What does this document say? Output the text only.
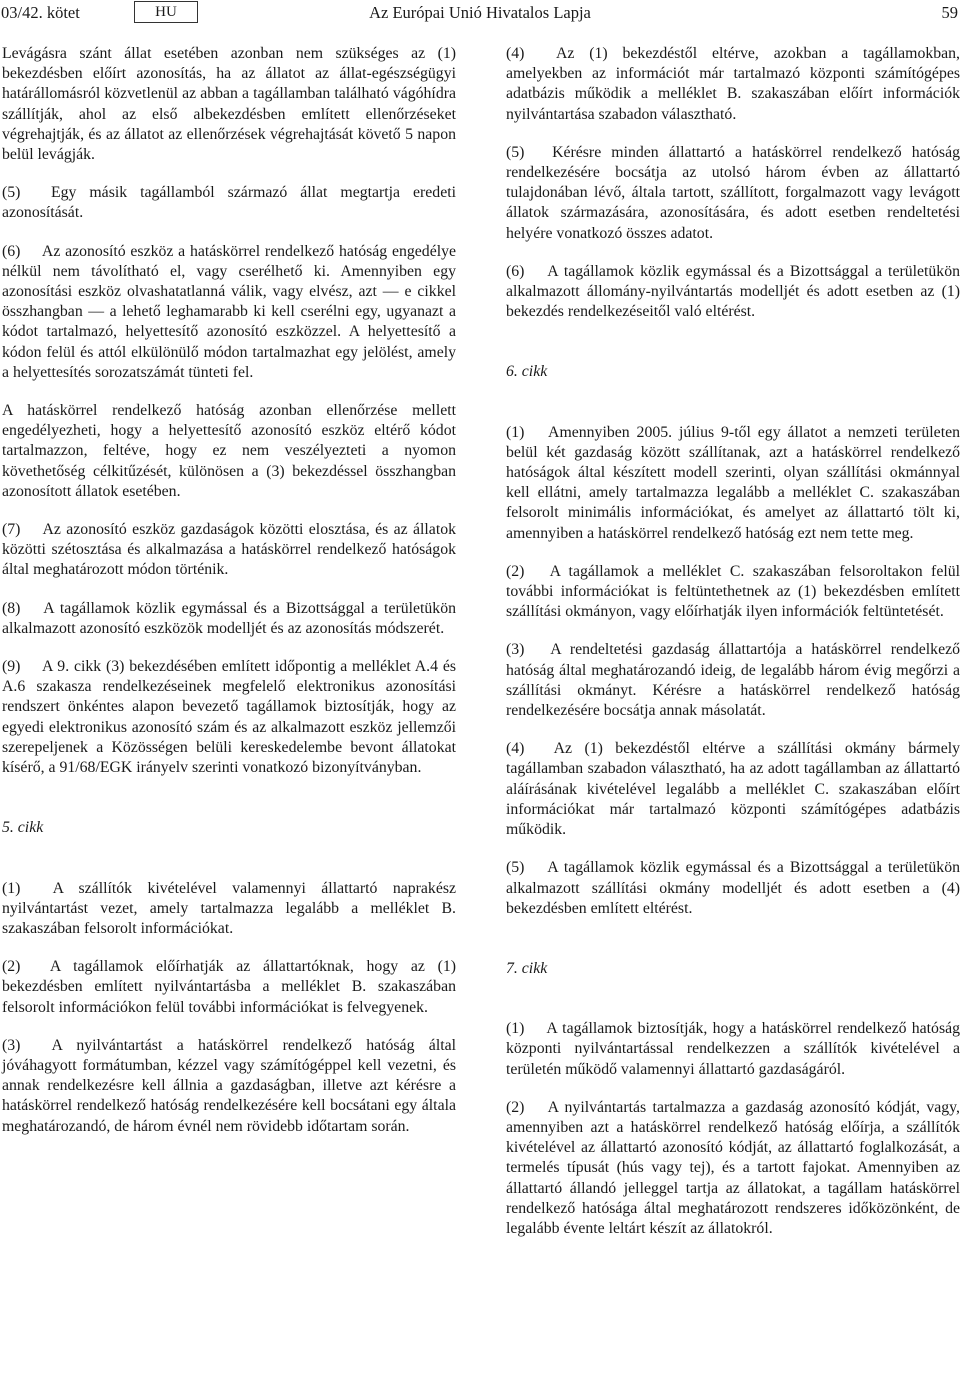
03/42. kötet	HU	Az Európai Unió Hivatalos Lapja	59

Levágásra szánt állat esetében azonban nem szükséges az (1) bekezdésben előírt azonosítás, ha az állatot az állat-egészségügyi határállomásról közvetlenül az abban a tagállamban található vágóhídra szállítják, ahol az első albekezdésben említett ellenőrzéseket végrehajtják, és az állatot az ellenőrzések végrehajtását követő 5 napon belül levágják.

(5) Egy másik tagállamból származó állat megtartja eredeti azonosítását.

(6) Az azonosító eszköz a hatáskörrel rendelkező hatóság engedélye nélkül nem távolítható el, vagy cserélhető ki. Amennyiben egy azonosítási eszköz olvashatatlanná válik, vagy elvész, azt — e cikkel összhangban — a lehető leghamarabb ki kell cserélni egy, ugyanazt a kódot tartalmazó, helyettesítő azonosító eszközzel. A helyettesítő a kódon felül és attól elkülönülő módon tartalmazhat egy jelölést, amely a helyettesítés sorozatszámát tünteti fel.

A hatáskörrel rendelkező hatóság azonban ellenőrzése mellett engedélyezheti, hogy a helyettesítő azonosító eszköz eltérő kódot tartalmazzon, feltéve, hogy ez nem veszélyezteti a nyomon követhetőség célkitűzését, különösen a (3) bekezdéssel összhangban azonosított állatok esetében.

(7) Az azonosító eszköz gazdaságok közötti elosztása, és az állatok közötti szétosztása és alkalmazása a hatáskörrel rendelkező hatóságok által meghatározott módon történik.

(8) A tagállamok közlik egymással és a Bizottsággal a területükön alkalmazott azonosító eszközök modelljét és az azonosítás módszerét.

(9) A 9. cikk (3) bekezdésében említett időpontig a melléklet A.4 és A.6 szakasza rendelkezéseinek megfelelő elektronikus azonosítási rendszert önkéntes alapon bevezető tagállamok biztosítják, hogy az egyedi elektronikus azonosító szám és az alkalmazott eszköz jellemzői szerepeljenek a Közösségen belüli kereskedelembe bevont állatokat kísérő, a 91/68/EGK irányelv szerinti vonatkozó bizonyítványban.

5. cikk

(1) A szállítók kivételével valamennyi állattartó naprakész nyilvántartást vezet, amely tartalmazza legalább a melléklet B. szakaszában felsorolt információkat.

(2) A tagállamok előírhatják az állattartóknak, hogy az (1) bekezdésben említett nyilvántartásba a melléklet B. szakaszában felsorolt információkon felül további információkat is felvegyenek.

(3) A nyilvántartást a hatáskörrel rendelkező hatóság által jóváhagyott formátumban, kézzel vagy számítógéppel kell vezetni, és annak rendelkezésre kell állnia a gazdaságban, illetve azt kérésre a hatáskörrel rendelkező hatóság rendelkezésére kell bocsátani egy általa meghatározandó, de három évnél nem rövidebb időtartam során.

(4) Az (1) bekezdéstől eltérve, azokban a tagállamokban, amelyekben az információt már tartalmazó központi számítógépes adatbázis működik a melléklet B. szakaszában előírt információk nyilvántartása szabadon választható.

(5) Kérésre minden állattartó a hatáskörrel rendelkező hatóság rendelkezésére bocsátja az utolsó három évben az állattartó tulajdonában lévő, általa tartott, szállított, forgalmazott vagy levágott állatok származására, azonosítására, és adott esetben rendeltetési helyére vonatkozó összes adatot.

(6) A tagállamok közlik egymással és a Bizottsággal a területükön alkalmazott állomány-nyilvántartás modelljét és adott esetben az (1) bekezdés rendelkezéseitől való eltérést.

6. cikk

(1) Amennyiben 2005. július 9-től egy állatot a nemzeti területen belül két gazdaság között szállítanak, azt a hatáskörrel rendelkező hatóságok által készített modell szerinti, olyan szállítási okmánnyal kell ellátni, amely tartalmazza legalább a melléklet C. szakaszában felsorolt minimális információkat, és amelyet az állattartó tölt ki, amennyiben a hatáskörrel rendelkező hatóság ezt nem tette meg.

(2) A tagállamok a melléklet C. szakaszában felsoroltakon felül további információkat is feltüntethetnek az (1) bekezdésben említett szállítási okmányon, vagy előírhatják ilyen információk feltüntetését.

(3) A rendeltetési gazdaság állattartója a hatáskörrel rendelkező hatóság által meghatározandó ideig, de legalább három évig megőrzi a szállítási okmányt. Kérésre a hatáskörrel rendelkező hatóság rendelkezésére bocsátja annak másolatát.

(4) Az (1) bekezdéstől eltérve a szállítási okmány bármely tagállamban szabadon választható, ha az adott tagállamban az állattartó aláírásának kivételével legalább a melléklet C. szakaszában előírt információkat már tartalmazó központi számítógépes adatbázis működik.

(5) A tagállamok közlik egymással és a Bizottsággal a területükön alkalmazott szállítási okmány modelljét és adott esetben a (4) bekezdésben említett eltérést.

7. cikk

(1) A tagállamok biztosítják, hogy a hatáskörrel rendelkező hatóság központi nyilvántartással rendelkezzen a szállítók kivételével a területén működő valamennyi állattartó gazdaságáról.

(2) A nyilvántartás tartalmazza a gazdaság azonosító kódját, vagy, amennyiben azt a hatáskörrel rendelkező hatóság előírja, a szállítók kivételével az állattartó azonosító kódját, az állattartó foglalkozását, a termelés típusát (hús vagy tej), és a tartott fajokat. Amennyiben az állattartó állandó jelleggel tartja az állatokat, a tagállam hatáskörrel rendelkező hatósága által meghatározott rendszeres időközönként, de legalább évente leltárt készít az állatokról.
